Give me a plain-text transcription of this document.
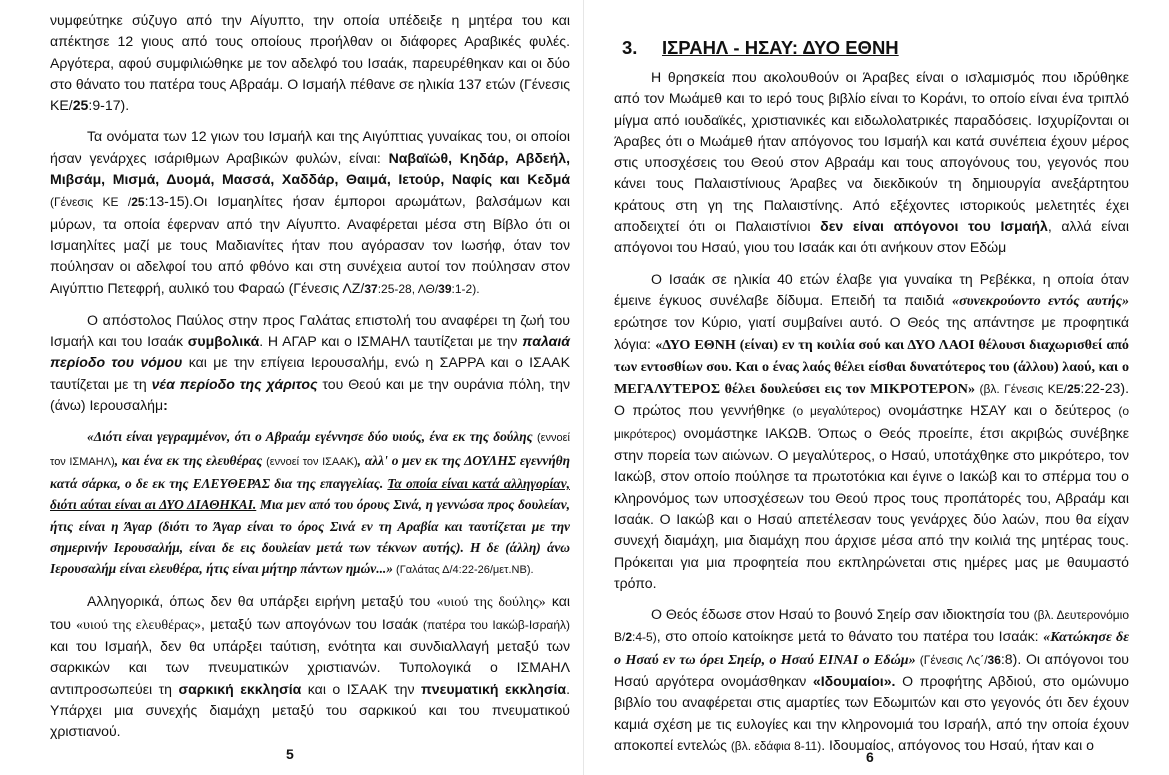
νυμφεύτηκε σύζυγο από την Αίγυπτο, την οποία υπέδειξε η μητέρα του και απέκτησε 12 γιους από τους οποίους προήλθαν οι διάφορες Αραβικές φυλές. Αργότερα, αφού συμφιλιώθηκε με τον αδελφό του Ισαάκ, παρευρέθηκαν και οι δύο στο θάνατο του πατέρα τους Αβραάμ. Ο Ισμαήλ πέθανε σε ηλικία 137 ετών (Γένεσις ΚΕ/25:9-17).

Τα ονόματα των 12 γιων του Ισμαήλ και της Αιγύπτιας γυναίκας του, οι οποίοι ήσαν γενάρχες ισάριθμων Αραβικών φυλών, είναι: Ναβαϊώθ, Κηδάρ, Αβδεήλ, Μιβσάμ, Μισμά, Δυομά, Μασσά, Χαδδάρ, Θαιμά, Ιετούρ, Ναφίς και Κεδμά (Γένεσις ΚΕ /25:13-15).Οι Ισμαηλίτες ήσαν έμποροι αρωμάτων, βαλσάμων και μύρων, τα οποία έφερναν από την Αίγυπτο. Αναφέρεται μέσα στη Βίβλο ότι οι Ισμαηλίτες μαζί με τους Μαδιανίτες ήταν που αγόρασαν τον Ιωσήφ, όταν τον πούλησαν οι αδελφοί του από φθόνο και στη συνέχεια αυτοί τον πούλησαν στον Αιγύπτιο Πετεφρή, αυλικό του Φαραώ (Γένεσις ΛΖ/37:25-28, ΛΘ/39:1-2).

Ο απόστολος Παύλος στην προς Γαλάτας επιστολή του αναφέρει τη ζωή του Ισμαήλ και του Ισαάκ συμβολικά. Η ΑΓΑΡ και ο ΙΣΜΑΗΛ ταυτίζεται με την παλαιά περίοδο του νόμου και με την επίγεια Ιερουσαλήμ, ενώ η ΣΑΡΡΑ και ο ΙΣΑΑΚ ταυτίζεται με τη νέα περίοδο της χάριτος του Θεού και με την ουράνια πόλη, την (άνω) Ιερουσαλήμ:

«Διότι είναι γεγραμμένον, ότι ο Αβραάμ εγέννησε δύο υιούς, ένα εκ της δούλης (εννοεί τον ΙΣΜΑΗΛ), και ένα εκ της ελευθέρας (εννοεί τον ΙΣΑΑΚ), αλλ' ο μεν εκ της ΔΟΥΛΗΣ εγεννήθη κατά σάρκα, ο δε εκ της ΕΛΕΥΘΕΡΑΣ δια της επαγγελίας. Τα οποία είναι κατά αλληγορίαν, διότι αύται είναι αι ΔΥΟ ΔΙΑΘΗΚΑΙ. Μια μεν από του όρους Σινά, η γεννώσα προς δουλείαν, ήτις είναι η Άγαρ (διότι το Άγαρ είναι το όρος Σινά εν τη Αραβία και ταυτίζεται με την σημερινήν Ιερουσαλήμ, είναι δε εις δουλείαν μετά των τέκνων αυτής). Η δε (άλλη) άνω Ιερουσαλήμ είναι ελευθέρα, ήτις είναι μήτηρ πάντων ημών...» (Γαλάτας Δ/4:22-26/μετ.ΝΒ).

Αλληγορικά, όπως δεν θα υπάρξει ειρήνη μεταξύ του «υιού της δούλης» και του «υιού της ελευθέρας», μεταξύ των απογόνων του Ισαάκ (πατέρα του Ιακώβ-Ισραήλ) και του Ισμαήλ, δεν θα υπάρξει ταύτιση, ενότητα και συνδιαλλαγή μεταξύ των σαρκικών και των πνευματικών χριστιανών. Τυπολογικά ο ΙΣΜΑΗΛ αντιπροσωπεύει τη σαρκική εκκλησία και ο ΙΣΑΑΚ την πνευματική εκκλησία. Υπάρχει μια συνεχής διαμάχη μεταξύ του σαρκικού και του πνευματικού χριστιανού.

5
3. ΙΣΡΑΗΛ - ΗΣΑΥ: ΔΥΟ ΕΘΝΗ

Η θρησκεία που ακολουθούν οι Άραβες είναι ο ισλαμισμός που ιδρύθηκε από τον Μωάμεθ και το ιερό τους βιβλίο είναι το Κοράνι, το οποίο είναι ένα τριπλό μίγμα από ιουδαϊκές, χριστιανικές και ειδωλολατρικές παραδόσεις. Ισχυρίζονται οι Άραβες ότι ο Μωάμεθ ήταν απόγονος του Ισμαήλ και κατά συνέπεια έχουν μέρος στις υποσχέσεις του Θεού στον Αβραάμ και τους απογόνους του, γεγονός που κάνει τους Παλαιστίνιους Άραβες να διεκδικούν τη δημιουργία ανεξάρτητου κράτους στη γη της Παλαιστίνης. Από εξέχοντες ιστορικούς μελετητές έχει αποδειχτεί ότι οι Παλαιστίνιοι δεν είναι απόγονοι του Ισμαήλ, αλλά είναι απόγονοι του Ησαύ, γιου του Ισαάκ και ότι ανήκουν στον Εδώμ

Ο Ισαάκ σε ηλικία 40 ετών έλαβε για γυναίκα τη Ρεβέκκα, η οποία όταν έμεινε έγκυος συνέλαβε δίδυμα. Επειδή τα παιδιά «συνεκρούοντο εντός αυτής» ερώτησε τον Κύριο, γιατί συμβαίνει αυτό. Ο Θεός της απάντησε με προφητικά λόγια: «ΔΥΟ ΕΘΝΗ (είναι) εν τη κοιλία σού και ΔΥΟ ΛΑΟΙ θέλουσι διαχωρισθεί από των εντοσθίων σου. Και ο ένας λαός θέλει είσθαι δυνατότερος του (άλλου) λαού, και ο ΜΕΓΑΛΥΤΕΡΟΣ θέλει δουλεύσει εις τον ΜΙΚΡΟΤΕΡΟΝ» (βλ. Γένεσις ΚΕ/25:22-23). Ο πρώτος που γεννήθηκε (ο μεγαλύτερος) ονομάστηκε ΗΣΑΥ και ο δεύτερος (ο μικρότερος) ονομάστηκε ΙΑΚΩΒ. Όπως ο Θεός προείπε, έτσι ακριβώς συνέβηκε στην πορεία των αιώνων. Ο μεγαλύτερος, ο Ησαύ, υποτάχθηκε στο μικρότερο, τον Ιακώβ, στον οποίο πούλησε τα πρωτοτόκια και έγινε ο Ιακώβ και το σπέρμα του ο κληρονόμος των υποσχέσεων του Θεού προς τους προπάτορές του, Αβραάμ και Ισαάκ. Ο Ιακώβ και ο Ησαύ απετέλεσαν τους γενάρχες δύο λαών, που θα είχαν συνεχή διαμάχη, μια διαμάχη που άρχισε μέσα από την κοιλιά της μητέρας τους. Πρόκειται για μια προφητεία που εκπληρώνεται στις ημέρες μας με θαυμαστό τρόπο.

Ο Θεός έδωσε στον Ησαύ το βουνό Σηείρ σαν ιδιοκτησία του (βλ. Δευτερονόμιο Β/2:4-5), στο οποίο κατοίκησε μετά το θάνατο του πατέρα του Ισαάκ: «Κατώκησε δε ο Ησαύ εν τω όρει Σηείρ, ο Ησαύ ΕΙΝΑΙ ο Εδώμ» (Γένεσις Λς΄/36:8). Οι απόγονοι του Ησαύ αργότερα ονομάσθηκαν «Ιδουμαίοι». Ο προφήτης Αβδιού, στο ομώνυμο βιβλίο του αναφέρεται στις αμαρτίες των Εδωμιτών και στο γεγονός ότι δεν έχουν καμιά σχέση με τις ευλογίες και την κληρονομιά του Ισραήλ, από την οποία έχουν αποκοπεί εντελώς (βλ. εδάφια 8-11). Ιδουμαίος, απόγονος του Ησαύ, ήταν και ο

6
